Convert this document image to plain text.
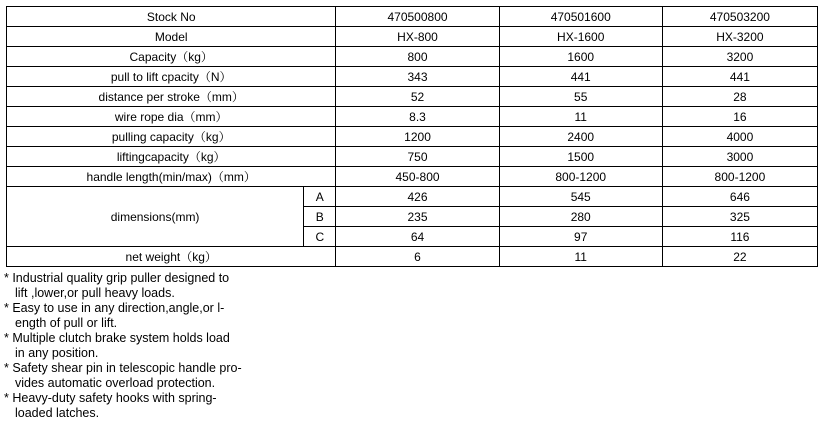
Stock No		470500800	470501600	470503200
Model		HX-800	HX-1600	HX-3200
Capacity（kg）		800	1600	3200
pull to lift cpacity（N）		343	441	441
distance per stroke（mm）		52	55	28
wire rope dia（mm）		8.3	11	16
pulling capacity（kg）		1200	2400	4000
liftingcapacity（kg）		750	1500	3000
handle length(min/max)（mm）		450-800	800-1200	800-1200
dimensions(mm)	A	426	545	646
	B	235	280	325
	C	64	97	116
net weight（kg）		6	11	22
* Industrial quality grip puller designed to
lift ,lower,or pull heavy loads.
* Easy to use in any direction,angle,or l-
ength of pull or lift.
* Multiple clutch brake system holds load
in any position.
* Safety shear pin in telescopic handle pro-
vides automatic overload protection.
* Heavy-duty safety hooks with spring-
loaded latches.
